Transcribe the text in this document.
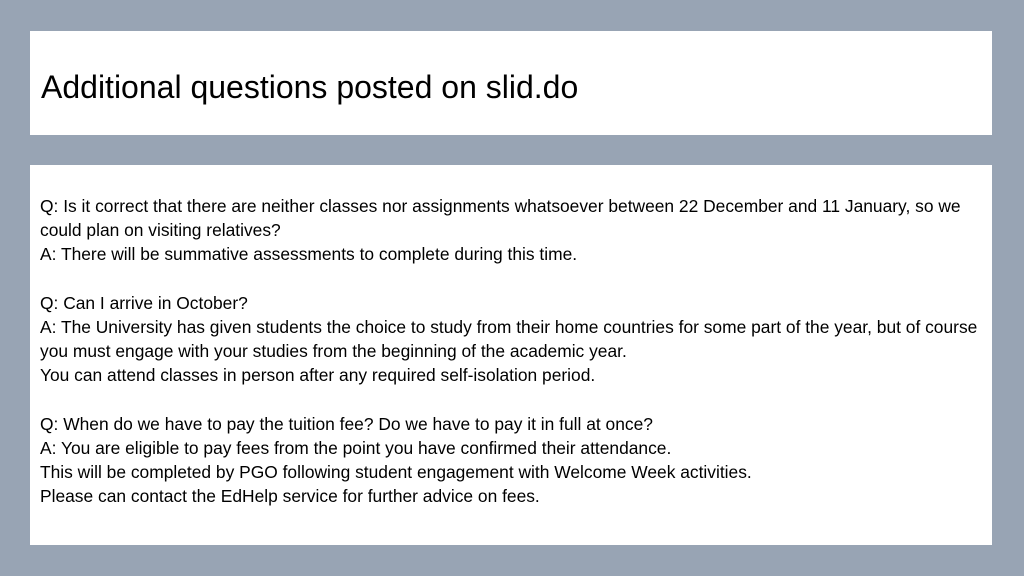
Additional questions posted on slid.do
Q: Is it correct that there are neither classes nor assignments whatsoever between 22 December and 11 January, so we could plan on visiting relatives?
A: There will be summative assessments to complete during this time.
Q: Can I arrive in October?
A: The University has given students the choice to study from their home countries for some part of the year, but of course you must engage with your studies from the beginning of the academic year.
You can attend classes in person after any required self-isolation period.
Q: When do we have to pay the tuition fee? Do we have to pay it in full at once?
A: You are eligible to pay fees from the point you have confirmed their attendance.
This will be completed by PGO following student engagement with Welcome Week activities.
Please can contact the EdHelp service for further advice on fees.
